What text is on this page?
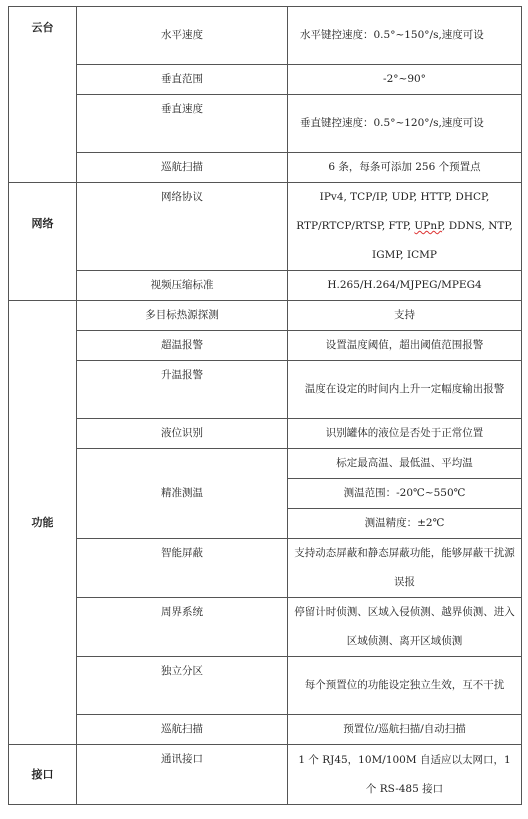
云台	水平速度	水平键控速度：0.5°~150°/s,速度可设
	垂直范围	-2°~90°
	垂直速度	垂直键控速度：0.5°~120°/s,速度可设
	巡航扫描	6 条，每条可添加 256 个预置点
网络	网络协议	IPv4, TCP/IP, UDP, HTTP, DHCP, RTP/RTCP/RTSP, FTP, UPnP, DDNS, NTP, IGMP, ICMP
	视频压缩标准	H.265/H.264/MJPEG/MPEG4
功能	多目标热源探测	支持
	超温报警	设置温度阈值，超出阈值范围报警
	升温报警	温度在设定的时间内上升一定幅度输出报警
	液位识别	识别罐体的液位是否处于正常位置
	精准测温	标定最高温、最低温、平均温
		测温范围：-20℃~550℃
		测温精度：±2℃
	智能屏蔽	支持动态屏蔽和静态屏蔽功能，能够屏蔽干扰源误报
	周界系统	停留计时侦测、区域入侵侦测、越界侦测、进入区域侦测、离开区域侦测
	独立分区	每个预置位的功能设定独立生效，互不干扰
	巡航扫描	预置位/巡航扫描/自动扫描
接口	通讯接口	1 个 RJ45，10M/100M 自适应以太网口，1 个 RS-485 接口
